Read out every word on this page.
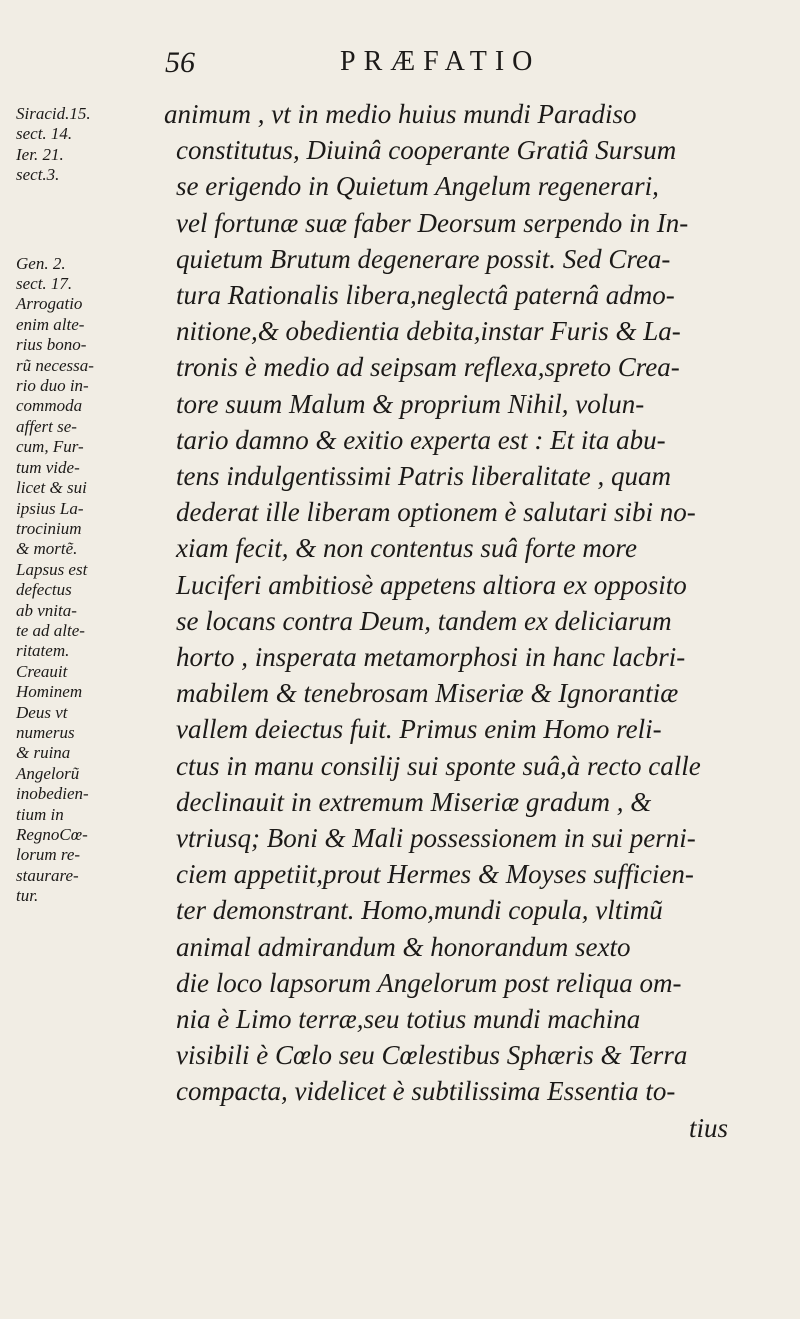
56	PRÆFATIO

Siracid.15.

sect. 14.

Ier. 21.

sect.3.

Gen. 2.

sect. 17.

Arrogatio

enim alte-

rius bono-

rũ necessa-

rio duo in-

commoda

affert se-

cum, Fur-

tum vide-

licet & sui

ipsius La-

trocinium

& mortẽ.

Lapsus est

defectus

ab vnita-

te ad alte-

ritatem.

Creauit

Hominem

Deus vt

numerus

& ruina

Angelorũ

inobedien-

tium in

RegnoCœ-

lorum re-

staurare-

tur.

animum , vt in medio huius mundi Paradiso

constitutus, Diuinâ cooperante Gratiâ Sursum

se erigendo in Quietum Angelum regenerari,

vel fortunæ suæ faber Deorsum serpendo in In-

quietum Brutum degenerare possit. Sed Crea-

tura Rationalis libera,neglectâ paternâ admo-

nitione,& obedientia debita,instar Furis & La-

tronis è medio ad seipsam reflexa,spreto Crea-

tore suum Malum & proprium Nihil, volun-

tario damno & exitio experta est : Et ita abu-

tens indulgentissimi Patris liberalitate , quam

dederat ille liberam optionem è salutari sibi no-

xiam fecit, & non contentus suâ forte more

Luciferi ambitiosè appetens altiora ex opposito

se locans contra Deum, tandem ex deliciarum

horto , insperata metamorphosi in hanc lacbri-

mabilem & tenebrosam Miseriæ & Ignorantiæ

vallem deiectus fuit. Primus enim Homo reli-

ctus in manu consilij sui sponte suâ,à recto calle

declinauit in extremum Miseriæ gradum , &

vtriusq; Boni & Mali possessionem in sui perni-

ciem appetiit,prout Hermes & Moyses sufficien-

ter demonstrant. Homo,mundi copula, vltimũ

animal admirandum & honorandum sexto

die loco lapsorum Angelorum post reliqua om-

nia è Limo terræ,seu totius mundi machina

visibili è Cœlo seu Cœlestibus Sphæris & Terra

compacta, videlicet è subtilissima Essentia to-

tius
